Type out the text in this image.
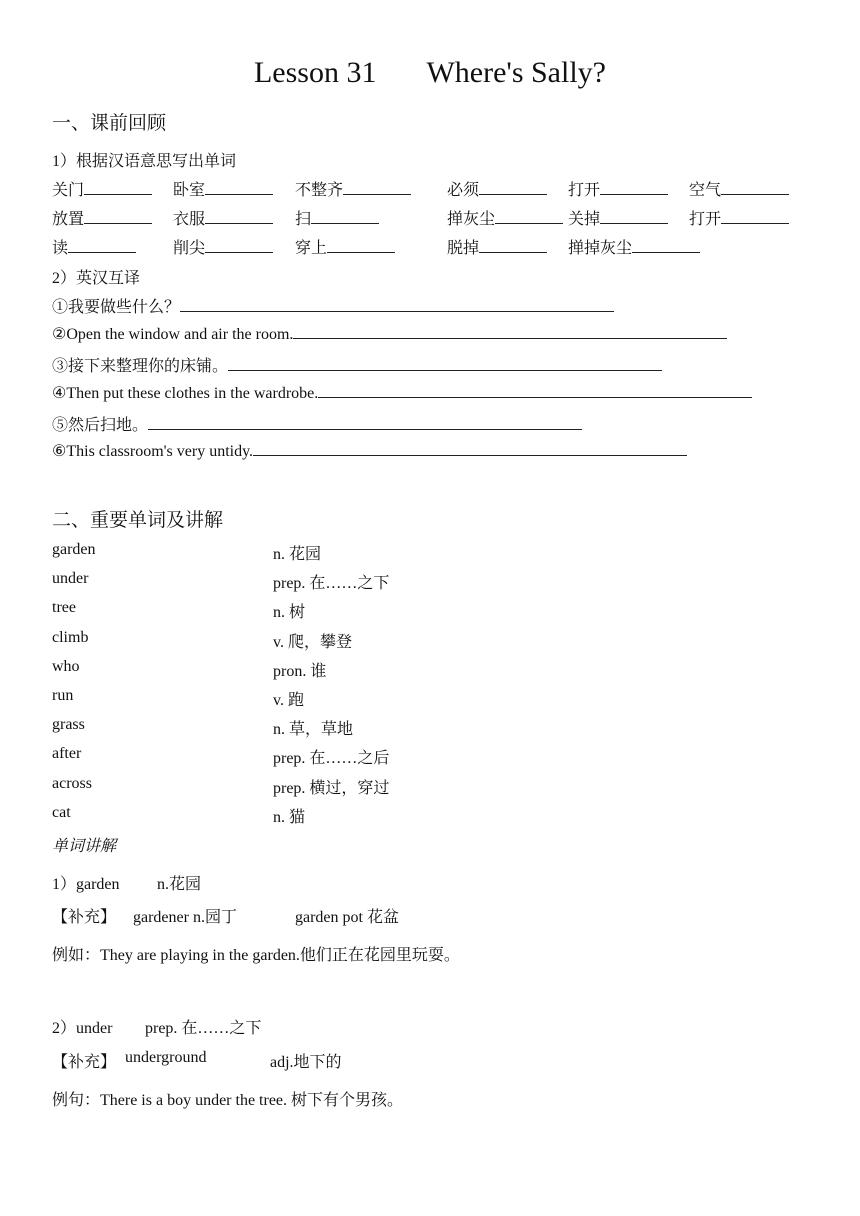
Lesson 31 Where's Sally?
一、课前回顾
1）根据汉语意思写出单词
关门	卧室	不整齐	必须	打开	空气
放置	衣服	扫	掸灰尘	关掉	打开
读	削尖	穿上	脱掉	掸掉灰尘
2）英汉互译
①我要做些什么？
②Open the window and air the room.
③接下来整理你的床铺。
④Then put these clothes in the wardrobe.
⑤然后扫地。
⑥This classroom's very untidy.
二、重要单词及讲解
garden	n. 花园
under	prep. 在……之下
tree	n. 树
climb	v. 爬，攀登
who	pron. 谁
run	v. 跑
grass	n. 草，草地
after	prep. 在……之后
across	prep. 横过，穿过
cat	n. 猫
单词讲解
1）garden n.花园
【补充】 gardener n.园丁	garden pot 花盆
例如：They are playing in the garden.他们正在花园里玩耍。
2）under prep. 在……之下
【补充】 underground	adj.地下的
例句：There is a boy under the tree. 树下有个男孩。
